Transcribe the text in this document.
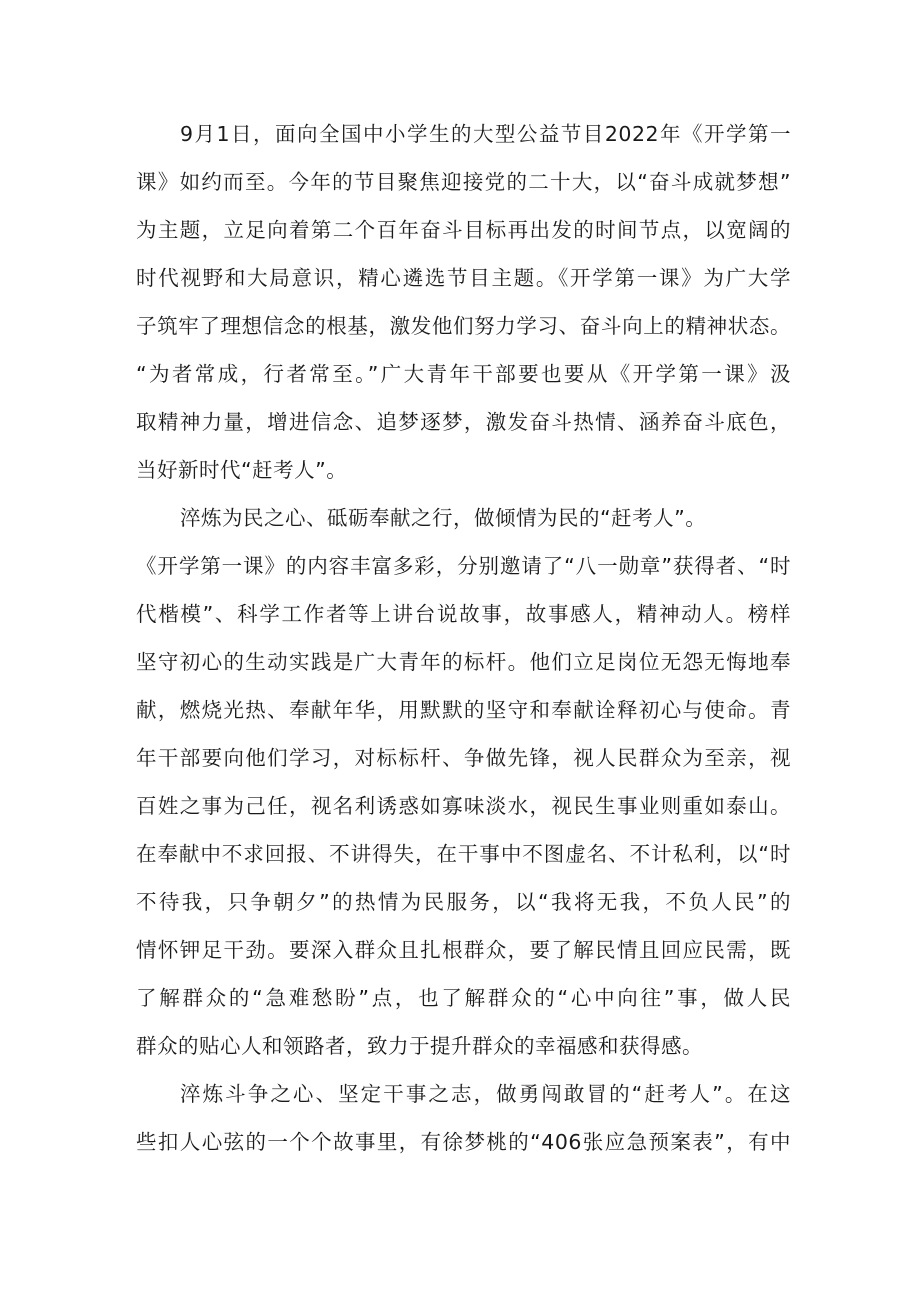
9月1日，面向全国中小学生的大型公益节目2022年《开学第一
课》如约而至。今年的节目聚焦迎接党的二十大，以“奋斗成就梦想”
为主题，立足向着第二个百年奋斗目标再出发的时间节点，以宽阔的
时代视野和大局意识，精心遴选节目主题。《开学第一课》为广大学
子筑牢了理想信念的根基，激发他们努力学习、奋斗向上的精神状态。
“为者常成，行者常至。”广大青年干部要也要从《开学第一课》汲
取精神力量，增进信念、追梦逐梦，激发奋斗热情、涵养奋斗底色，
当好新时代“赶考人”。
淬炼为民之心、砥砺奉献之行，做倾情为民的“赶考人”。
《开学第一课》的内容丰富多彩，分别邀请了“八一勋章”获得者、“时
代楷模”、科学工作者等上讲台说故事，故事感人，精神动人。榜样
坚守初心的生动实践是广大青年的标杆。他们立足岗位无怨无悔地奉
献，燃烧光热、奉献年华，用默默的坚守和奉献诠释初心与使命。青
年干部要向他们学习，对标标杆、争做先锋，视人民群众为至亲，视
百姓之事为己任，视名利诱惑如寡味淡水，视民生事业则重如泰山。
在奉献中不求回报、不讲得失，在干事中不图虚名、不计私利，以“时
不待我，只争朝夕”的热情为民服务，以“我将无我，不负人民”的
情怀钾足干劲。要深入群众且扎根群众，要了解民情且回应民需，既
了解群众的“急难愁盼”点，也了解群众的“心中向往”事，做人民
群众的贴心人和领路者，致力于提升群众的幸福感和获得感。
淬炼斗争之心、坚定干事之志，做勇闯敢冒的“赶考人”。在这
些扣人心弦的一个个故事里，有徐梦桃的“406张应急预案表”，有中
